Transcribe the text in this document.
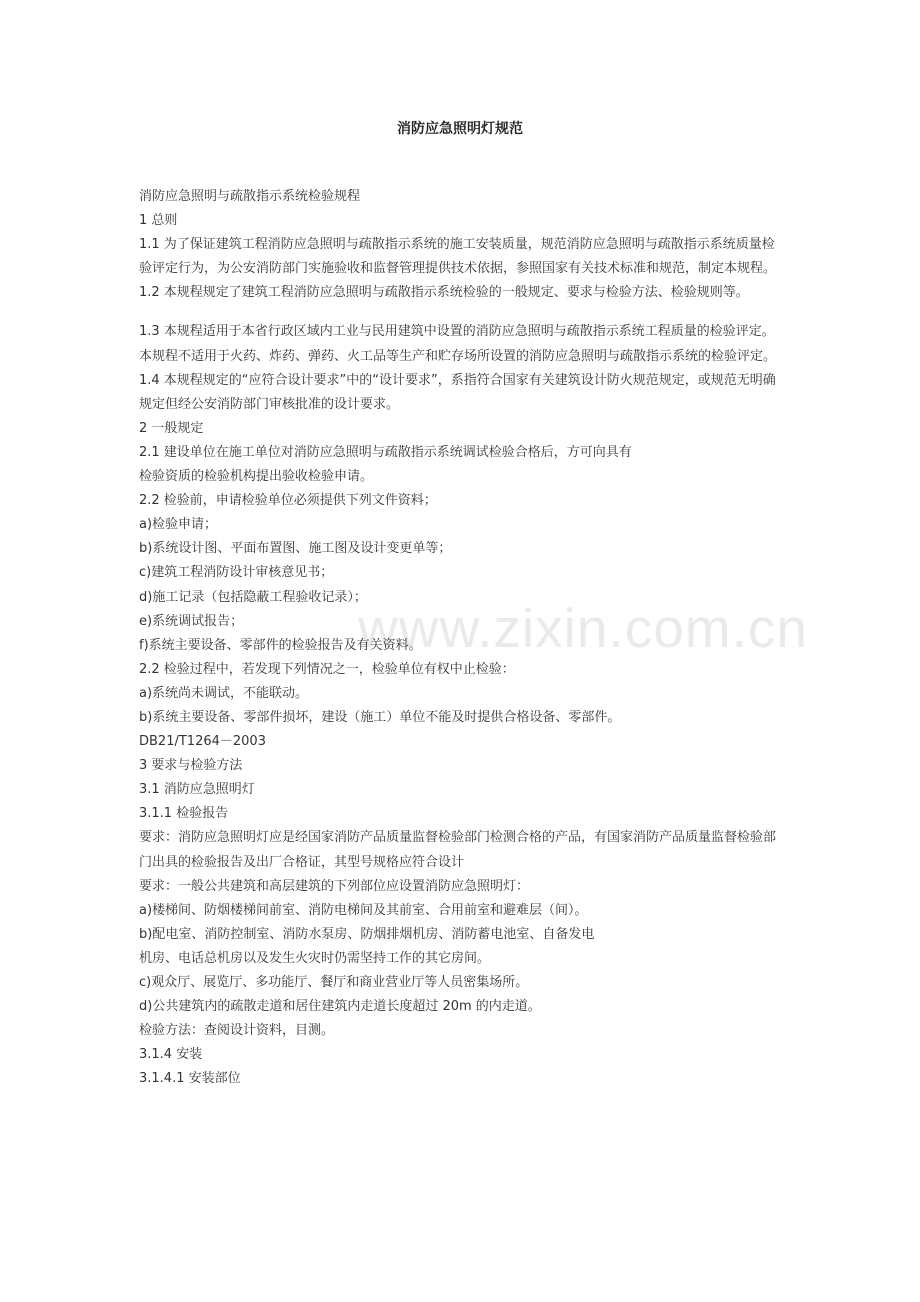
消防应急照明灯规范
www.zixin.com.cn

消防应急照明与疏散指示系统检验规程

1 总则

1.1 为了保证建筑工程消防应急照明与疏散指示系统的施工安装质量，规范消防应急照明与疏散指示系统质量检验评定行为，为公安消防部门实施验收和监督管理提供技术依据，参照国家有关技术标准和规范，制定本规程。

1.2 本规程规定了建筑工程消防应急照明与疏散指示系统检验的一般规定、要求与检验方法、检验规则等。

1.3 本规程适用于本省行政区域内工业与民用建筑中设置的消防应急照明与疏散指示系统工程质量的检验评定。

本规程不适用于火药、炸药、弹药、火工品等生产和贮存场所设置的消防应急照明与疏散指示系统的检验评定。

1.4 本规程规定的“应符合设计要求”中的“设计要求”，系指符合国家有关建筑设计防火规范规定，或规范无明确规定但经公安消防部门审核批准的设计要求。

2 一般规定

2.1 建设单位在施工单位对消防应急照明与疏散指示系统调试检验合格后，方可向具有

检验资质的检验机构提出验收检验申请。

2.2 检验前，申请检验单位必须提供下列文件资料；

a)检验申请；

b)系统设计图、平面布置图、施工图及设计变更单等；

c)建筑工程消防设计审核意见书；

d)施工记录（包括隐蔽工程验收记录）；

e)系统调试报告；

f)系统主要设备、零部件的检验报告及有关资料。

2.2 检验过程中，若发现下列情况之一，检验单位有权中止检验：

a)系统尚未调试，不能联动。

b)系统主要设备、零部件损坏，建设（施工）单位不能及时提供合格设备、零部件。

DB21/T1264－2003

3 要求与检验方法

3.1 消防应急照明灯

3.1.1 检验报告

要求：消防应急照明灯应是经国家消防产品质量监督检验部门检测合格的产品，有国家消防产品质量监督检验部门出具的检验报告及出厂合格证，其型号规格应符合设计

要求：一般公共建筑和高层建筑的下列部位应设置消防应急照明灯：

a)楼梯间、防烟楼梯间前室、消防电梯间及其前室、合用前室和避难层（间）。

b)配电室、消防控制室、消防水泵房、防烟排烟机房、消防蓄电池室、自备发电

机房、电话总机房以及发生火灾时仍需坚持工作的其它房间。

c)观众厅、展览厅、多功能厅、餐厅和商业营业厅等人员密集场所。

d)公共建筑内的疏散走道和居住建筑内走道长度超过 20m 的内走道。

检验方法：查阅设计资料，目测。

3.1.4 安装

3.1.4.1 安装部位
